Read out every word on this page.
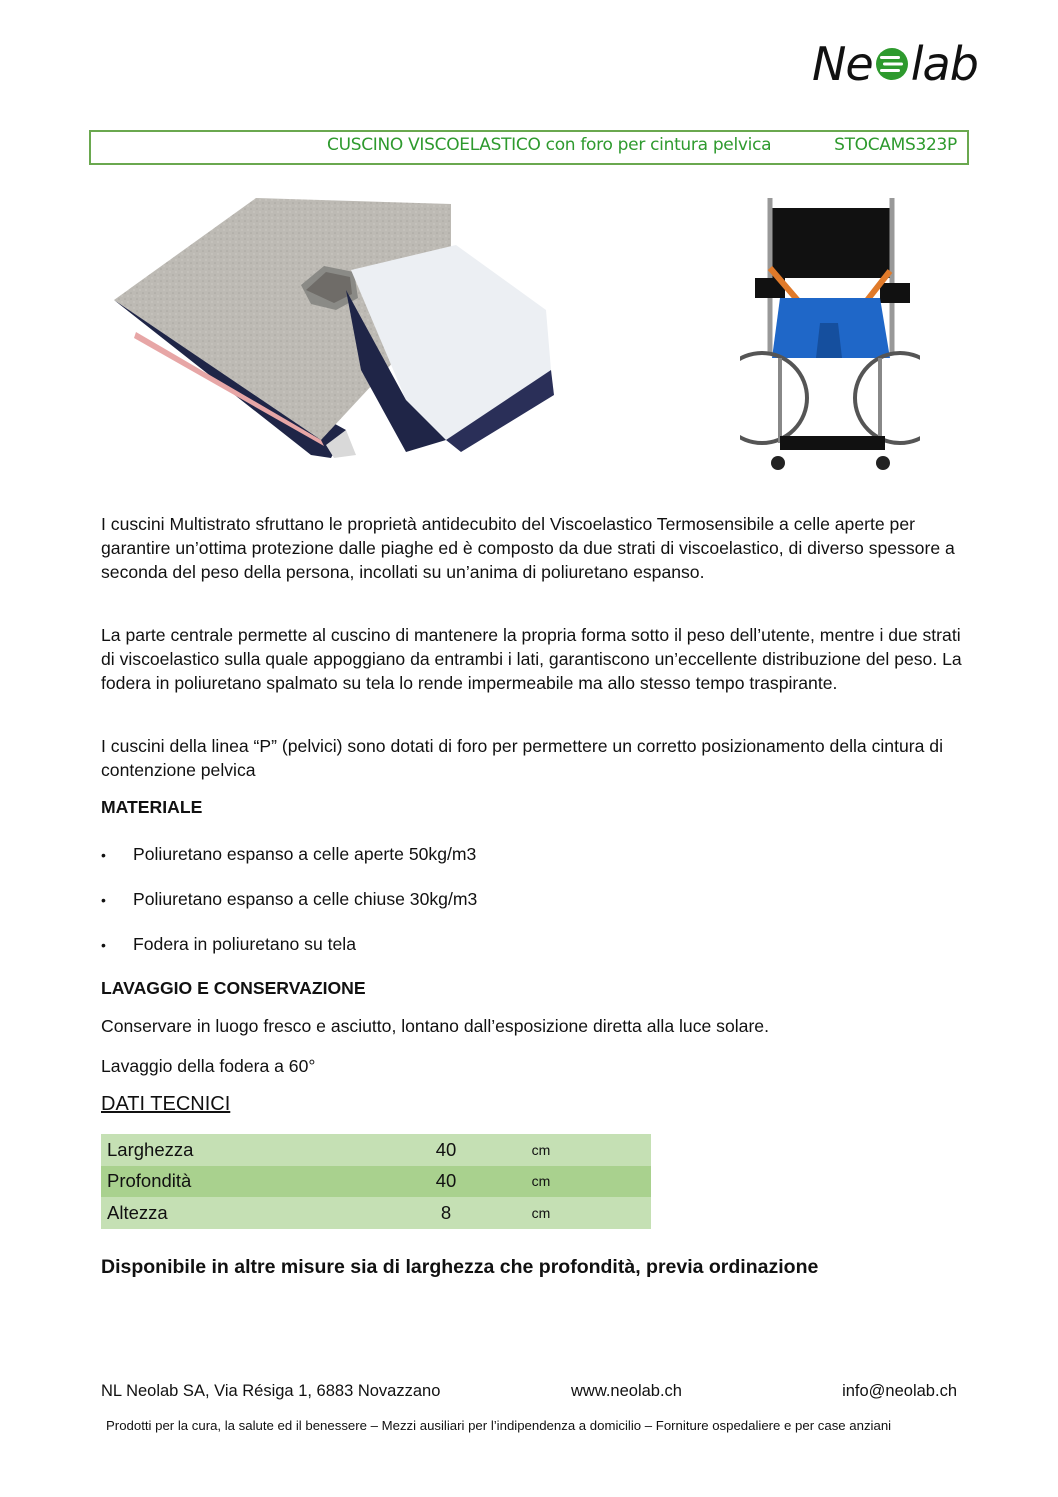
Ne lab
CUSCINO VISCOELASTICO con foro per cintura pelvica	STOCAMS323P

I cuscini Multistrato sfruttano le proprietà antidecubito del Viscoelastico Termosensibile a celle aperte per garantire un’ottima protezione dalle piaghe ed è composto da due strati di viscoelastico, di diverso spessore a seconda del peso della persona, incollati su un’anima di poliuretano espanso.

La parte centrale permette al cuscino di mantenere la propria forma sotto il peso dell’utente, mentre i due strati di viscoelastico sulla quale appoggiano da entrambi i lati, garantiscono un’eccellente distribuzione del peso. La fodera in poliuretano spalmato su tela lo rende impermeabile ma allo stesso tempo traspirante.

I cuscini della linea “P” (pelvici) sono dotati di foro per permettere un corretto posizionamento della cintura di contenzione pelvica

MATERIALE
•	Poliuretano espanso a celle aperte 50kg/m3
•	Poliuretano espanso a celle chiuse 30kg/m3
•	Fodera in poliuretano su tela
LAVAGGIO E CONSERVAZIONE
Conservare in luogo fresco e asciutto, lontano dall’esposizione diretta alla luce solare.
Lavaggio della fodera a 60°
DATI TECNICI
Larghezza	40	cm
Profondità	40	cm
Altezza	8	cm
Disponibile in altre misure sia di larghezza che profondità, previa ordinazione
NL Neolab SA, Via Résiga 1, 6883 Novazzano	www.neolab.ch	info@neolab.ch
Prodotti per la cura, la salute ed il benessere – Mezzi ausiliari per l’indipendenza a domicilio – Forniture ospedaliere e per case anziani
